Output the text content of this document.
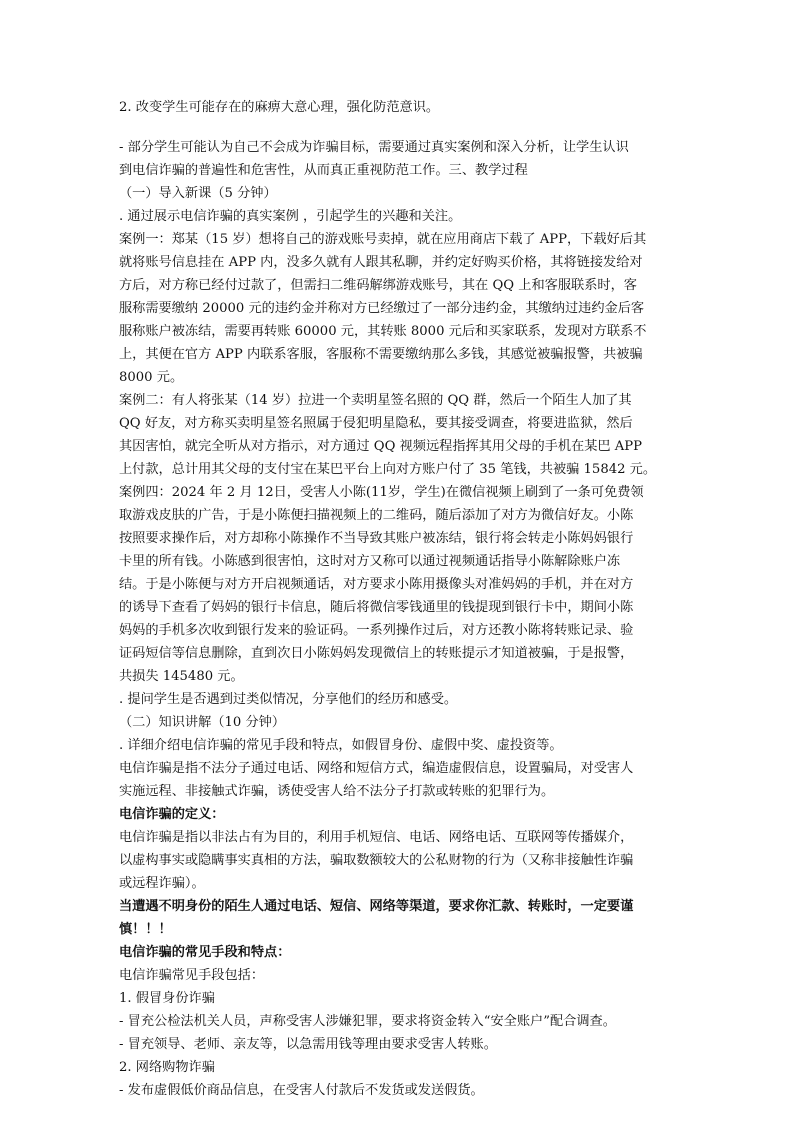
2. 改变学生可能存在的麻痹大意心理，强化防范意识。
- 部分学生可能认为自己不会成为诈骗目标，需要通过真实案例和深入分析，让学生认识
到电信诈骗的普遍性和危害性，从而真正重视防范工作。三、教学过程
（一）导入新课（5 分钟）
. 通过展示电信诈骗的真实案例 ，引起学生的兴趣和关注。
案例一：郑某（15 岁）想将自己的游戏账号卖掉，就在应用商店下载了 APP，下载好后其
就将账号信息挂在 APP 内，没多久就有人跟其私聊，并约定好购买价格，其将链接发给对
方后，对方称已经付过款了，但需扫二维码解绑游戏账号，其在 QQ 上和客服联系时，客
服称需要缴纳 20000 元的违约金并称对方已经缴过了一部分违约金，其缴纳过违约金后客
服称账户被冻结，需要再转账 60000 元，其转账 8000 元后和买家联系，发现对方联系不
上，其便在官方 APP 内联系客服，客服称不需要缴纳那么多钱，其感觉被骗报警，共被骗
8000 元。
案例二：有人将张某（14 岁）拉进一个卖明星签名照的 QQ 群，然后一个陌生人加了其
QQ 好友，对方称买卖明星签名照属于侵犯明星隐私，要其接受调查，将要进监狱，然后
其因害怕，就完全听从对方指示，对方通过 QQ 视频远程指挥其用父母的手机在某巴 APP
上付款，总计用其父母的支付宝在某巴平台上向对方账户付了 35 笔钱，共被骗 15842 元。
案例四：2024 年 2 月 12日，受害人小陈(11岁，学生)在微信视频上刷到了一条可免费领
取游戏皮肤的广告，于是小陈便扫描视频上的二维码，随后添加了对方为微信好友。小陈
按照要求操作后，对方却称小陈操作不当导致其账户被冻结，银行将会转走小陈妈妈银行
卡里的所有钱。小陈感到很害怕，这时对方又称可以通过视频通话指导小陈解除账户冻
结。于是小陈便与对方开启视频通话，对方要求小陈用摄像头对准妈妈的手机，并在对方
的诱导下查看了妈妈的银行卡信息，随后将微信零钱通里的钱提现到银行卡中，期间小陈
妈妈的手机多次收到银行发来的验证码。一系列操作过后，对方还教小陈将转账记录、验
证码短信等信息删除，直到次日小陈妈妈发现微信上的转账提示才知道被骗，于是报警，
共损失 145480 元。
. 提问学生是否遇到过类似情况，分享他们的经历和感受。
（二）知识讲解（10 分钟）
. 详细介绍电信诈骗的常见手段和特点，如假冒身份、虚假中奖、虚投资等。
电信诈骗是指不法分子通过电话、网络和短信方式，编造虚假信息，设置骗局，对受害人
实施远程、非接触式诈骗，诱使受害人给不法分子打款或转账的犯罪行为。
电信诈骗的定义：
电信诈骗是指以非法占有为目的，利用手机短信、电话、网络电话、互联网等传播媒介，
以虚构事实或隐瞒事实真相的方法，骗取数额较大的公私财物的行为（又称非接触性诈骗
或远程诈骗）。
当遭遇不明身份的陌生人通过电话、短信、网络等渠道，要求你汇款、转账时，一定要谨
慎！！！
电信诈骗的常见手段和特点：
电信诈骗常见手段包括：
1. 假冒身份诈骗
- 冒充公检法机关人员，声称受害人涉嫌犯罪，要求将资金转入“安全账户”配合调查。
- 冒充领导、老师、亲友等，以急需用钱等理由要求受害人转账。
2. 网络购物诈骗
- 发布虚假低价商品信息，在受害人付款后不发货或发送假货。
